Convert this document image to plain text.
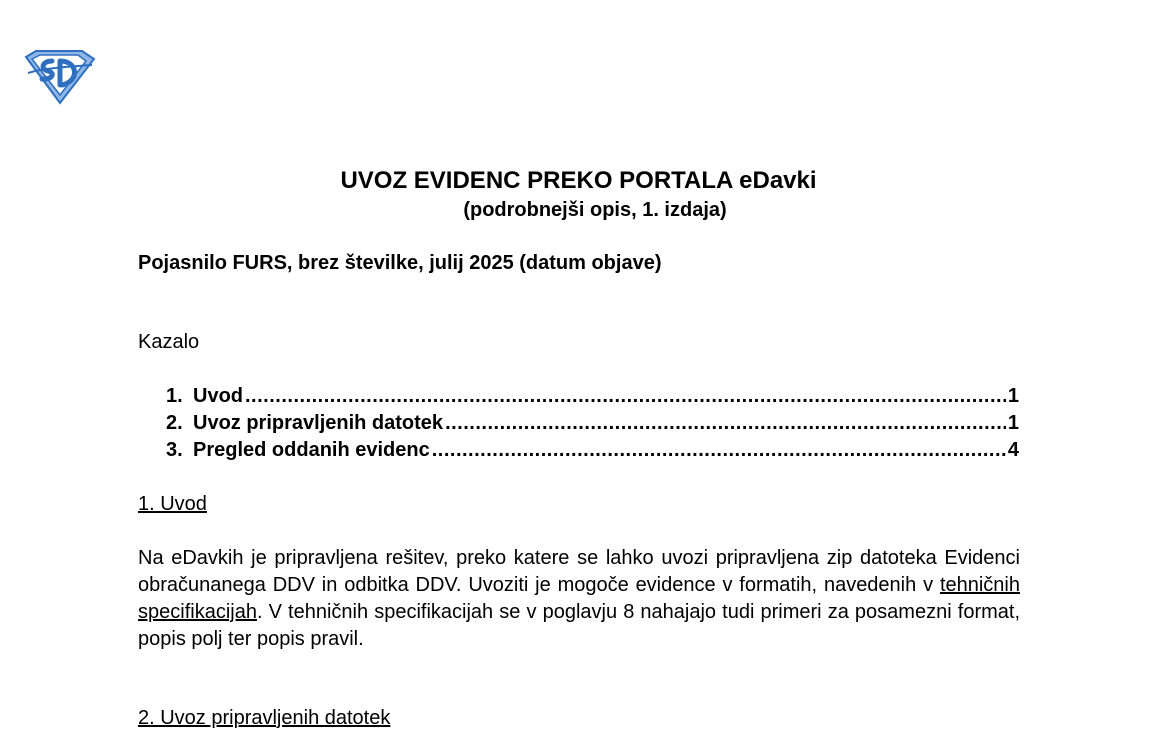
UVOZ EVIDENC PREKO PORTALA eDavki
(podrobnejši opis, 1. izdaja)
Pojasnilo FURS, brez številke, julij 2025 (datum objave)
Kazalo
1. Uvod .....	1
2. Uvoz pripravljenih datotek .....	1
3. Pregled oddanih evidenc .....	4
1. Uvod
Na eDavkih je pripravljena rešitev, preko katere se lahko uvozi pripravljena zip datoteka Evidenci obračunanega DDV in odbitka DDV. Uvoziti je mogoče evidence v formatih, navedenih v tehničnih specifikacijah. V tehničnih specifikacijah se v poglavju 8 nahajajo tudi primeri za posamezni format, popis polj ter popis pravil.
2. Uvoz pripravljenih datotek
